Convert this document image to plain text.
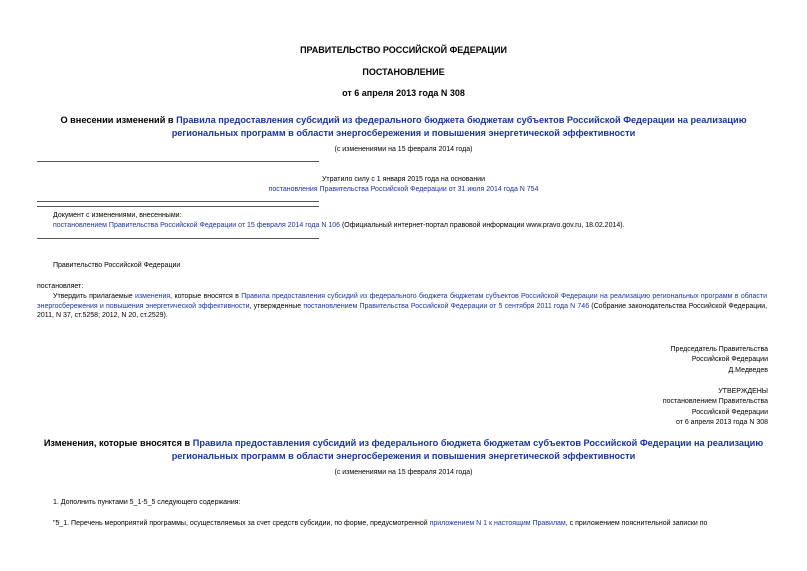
ПРАВИТЕЛЬСТВО РОССИЙСКОЙ ФЕДЕРАЦИИ
ПОСТАНОВЛЕНИЕ
от 6 апреля 2013 года N 308
О внесении изменений в Правила предоставления субсидий из федерального бюджета бюджетам субъектов Российской Федерации на реализацию
региональных программ в области энергосбережения и повышения энергетической эффективности
(с изменениями на 15 февраля 2014 года)
Утратило силу с 1 января 2015 года на основании
постановления Правительства Российской Федерации от 31 июля 2014 года N 754
Документ с изменениями, внесенными:
постановлением Правительства Российской Федерации от 15 февраля 2014 года N 106 (Официальный интернет-портал правовой информации www.pravo.gov.ru, 18.02.2014).
Правительство Российской Федерации
постановляет:
Утвердить прилагаемые изменения, которые вносятся в Правила предоставления субсидий из федерального бюджета бюджетам субъектов Российской Федерации на реализацию региональных программ в области энергосбережения и повышения энергетической эффективности, утвержденные постановлением Правительства Российской Федерации от 5 сентября 2011 года N 746 (Собрание законодательства Российской Федерации, 2011, N 37, ст.5258; 2012, N 20, ст.2529).
Председатель Правительства
Российской Федерации
Д.Медведев
УТВЕРЖДЕНЫ
постановлением Правительства
Российской Федерации
от 6 апреля 2013 года N 308
Изменения, которые вносятся в Правила предоставления субсидий из федерального бюджета бюджетам субъектов Российской Федерации на реализацию
региональных программ в области энергосбережения и повышения энергетической эффективности
(с изменениями на 15 февраля 2014 года)
1. Дополнить пунктами 5_1-5_5 следующего содержания:
"5_1. Перечень мероприятий программы, осуществляемых за счет средств субсидии, по форме, предусмотренной приложением N 1 к настоящим Правилам, с приложением пояснительной записки по
